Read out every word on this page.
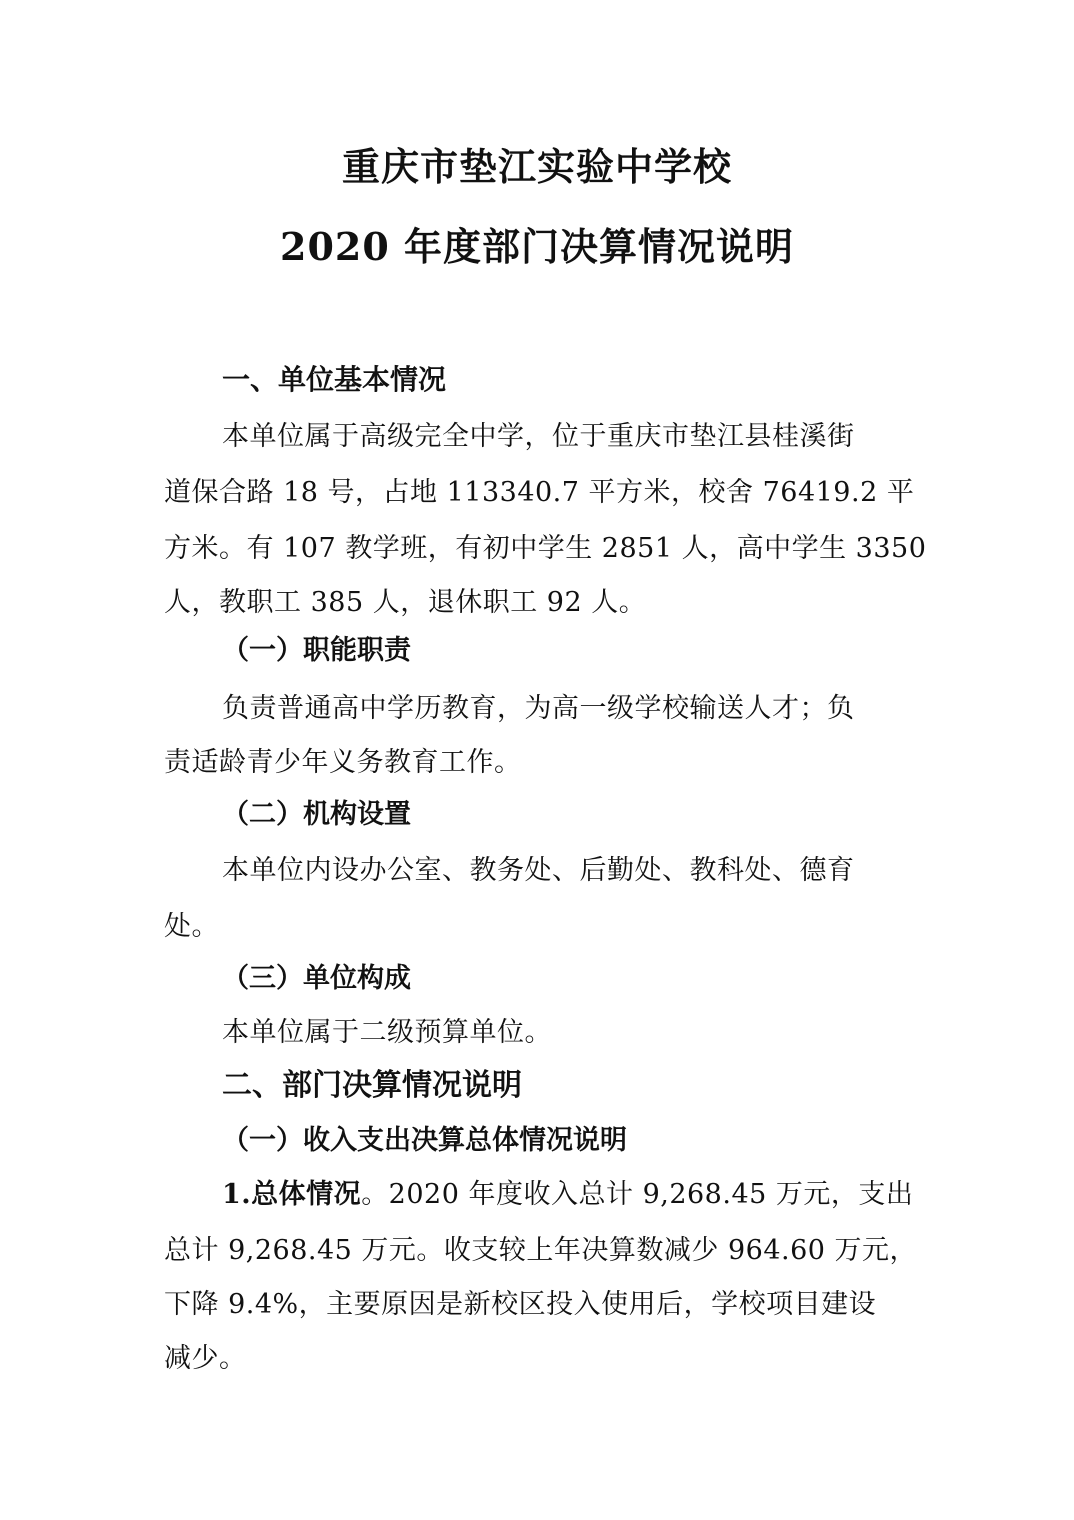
重庆市垫江实验中学校
2020 年度部门决算情况说明
一、单位基本情况
本单位属于高级完全中学，位于重庆市垫江县桂溪街
道保合路 18 号，占地 113340.7 平方米，校舍 76419.2 平
方米。有 107 教学班，有初中学生 2851 人，高中学生 3350
人，教职工 385 人，退休职工 92 人。
（一）职能职责
负责普通高中学历教育，为高一级学校输送人才；负
责适龄青少年义务教育工作。
（二）机构设置
本单位内设办公室、教务处、后勤处、教科处、德育
处。
（三）单位构成
本单位属于二级预算单位。
二、部门决算情况说明
（一）收入支出决算总体情况说明
1.总体情况。2020 年度收入总计 9,268.45 万元，支出
总计 9,268.45 万元。收支较上年决算数减少 964.60 万元，
下降 9.4%，主要原因是新校区投入使用后，学校项目建设
减少。
